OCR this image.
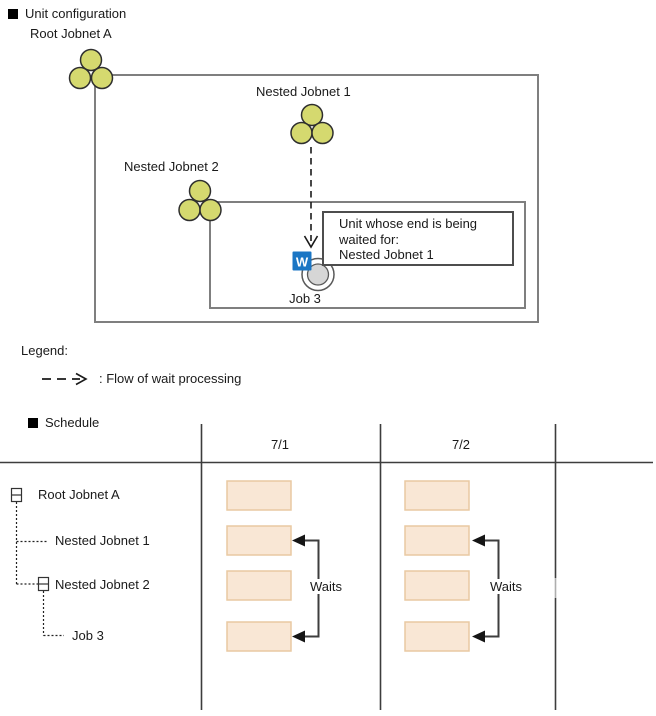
W
Unit configuration
Root Jobnet A
Nested Jobnet 1
Nested Jobnet 2
Job 3
Unit whose end is being
waited for:
Nested Jobnet 1
Legend:
: Flow of wait processing
Schedule
7/1	7/2
Root Jobnet A
Nested Jobnet 1
Nested Jobnet 2
Job 3
Waits	Waits
